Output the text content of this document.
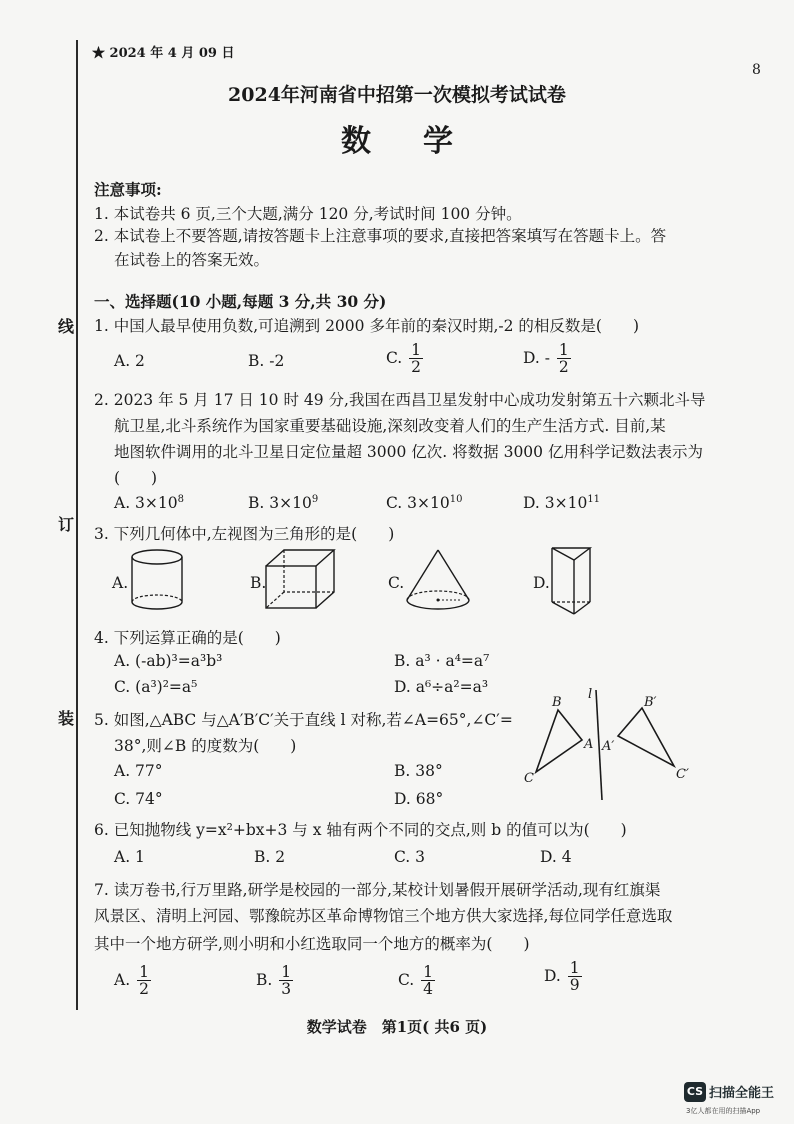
线
订
装
★ 2024 年 4 月 09 日
8
2024年河南省中招第一次模拟考试试卷
数学
注意事项:
1. 本试卷共 6 页,三个大题,满分 120 分,考试时间 100 分钟。
2. 本试卷上不要答题,请按答题卡上注意事项的要求,直接把答案填写在答题卡上。答
在试卷上的答案无效。
一、选择题(10 小题,每题 3 分,共 30 分)
1. 中国人最早使用负数,可追溯到 2000 多年前的秦汉时期,-2 的相反数是(　　)
A. 2	B. -2	C. $\frac{1}{2}$	D. - $\frac{1}{2}$
2. 2023 年 5 月 17 日 10 时 49 分,我国在西昌卫星发射中心成功发射第五十六颗北斗导
航卫星,北斗系统作为国家重要基础设施,深刻改变着人们的生产生活方式. 目前,某
地图软件调用的北斗卫星日定位量超 3000 亿次. 将数据 3000 亿用科学记数法表示为
(　　)
A. $3\times 10^8$	B. $3\times 10^9$	C. $3\times 10^{10}$	D. $3\times 10^{11}$
3. 下列几何体中,左视图为三角形的是(　　)
A.	B.	C.	D.
4. 下列运算正确的是(　　)
A. (-ab)³=a³b³	B. a³ · a⁴=a⁷
C. (a³)²=a⁵	D. a⁶÷a²=a³
5. 如图,△ABC 与△A′B′C′关于直线 l 对称,若∠A=65°,∠C′=
38°,则∠B 的度数为(　　)
A. 77°	B. 38°
C. 74°	D. 68°
B
A
C
l
B′
A′
C′
6. 已知抛物线 y=x²+bx+3 与 x 轴有两个不同的交点,则 b 的值可以为(　　)
A. 1	B. 2	C. 3	D. 4
7. 读万卷书,行万里路,研学是校园的一部分,某校计划暑假开展研学活动,现有红旗渠
风景区、清明上河园、鄂豫皖苏区革命博物馆三个地方供大家选择,每位同学任意选取
其中一个地方研学,则小明和小红选取同一个地方的概率为(　　)
A. $\frac{1}{2}$	B. $\frac{1}{3}$	C. $\frac{1}{4}$	D. $\frac{1}{9}$
数学试卷　第1页( 共6 页)
CS 扫描全能王
3亿人都在用的扫描App
